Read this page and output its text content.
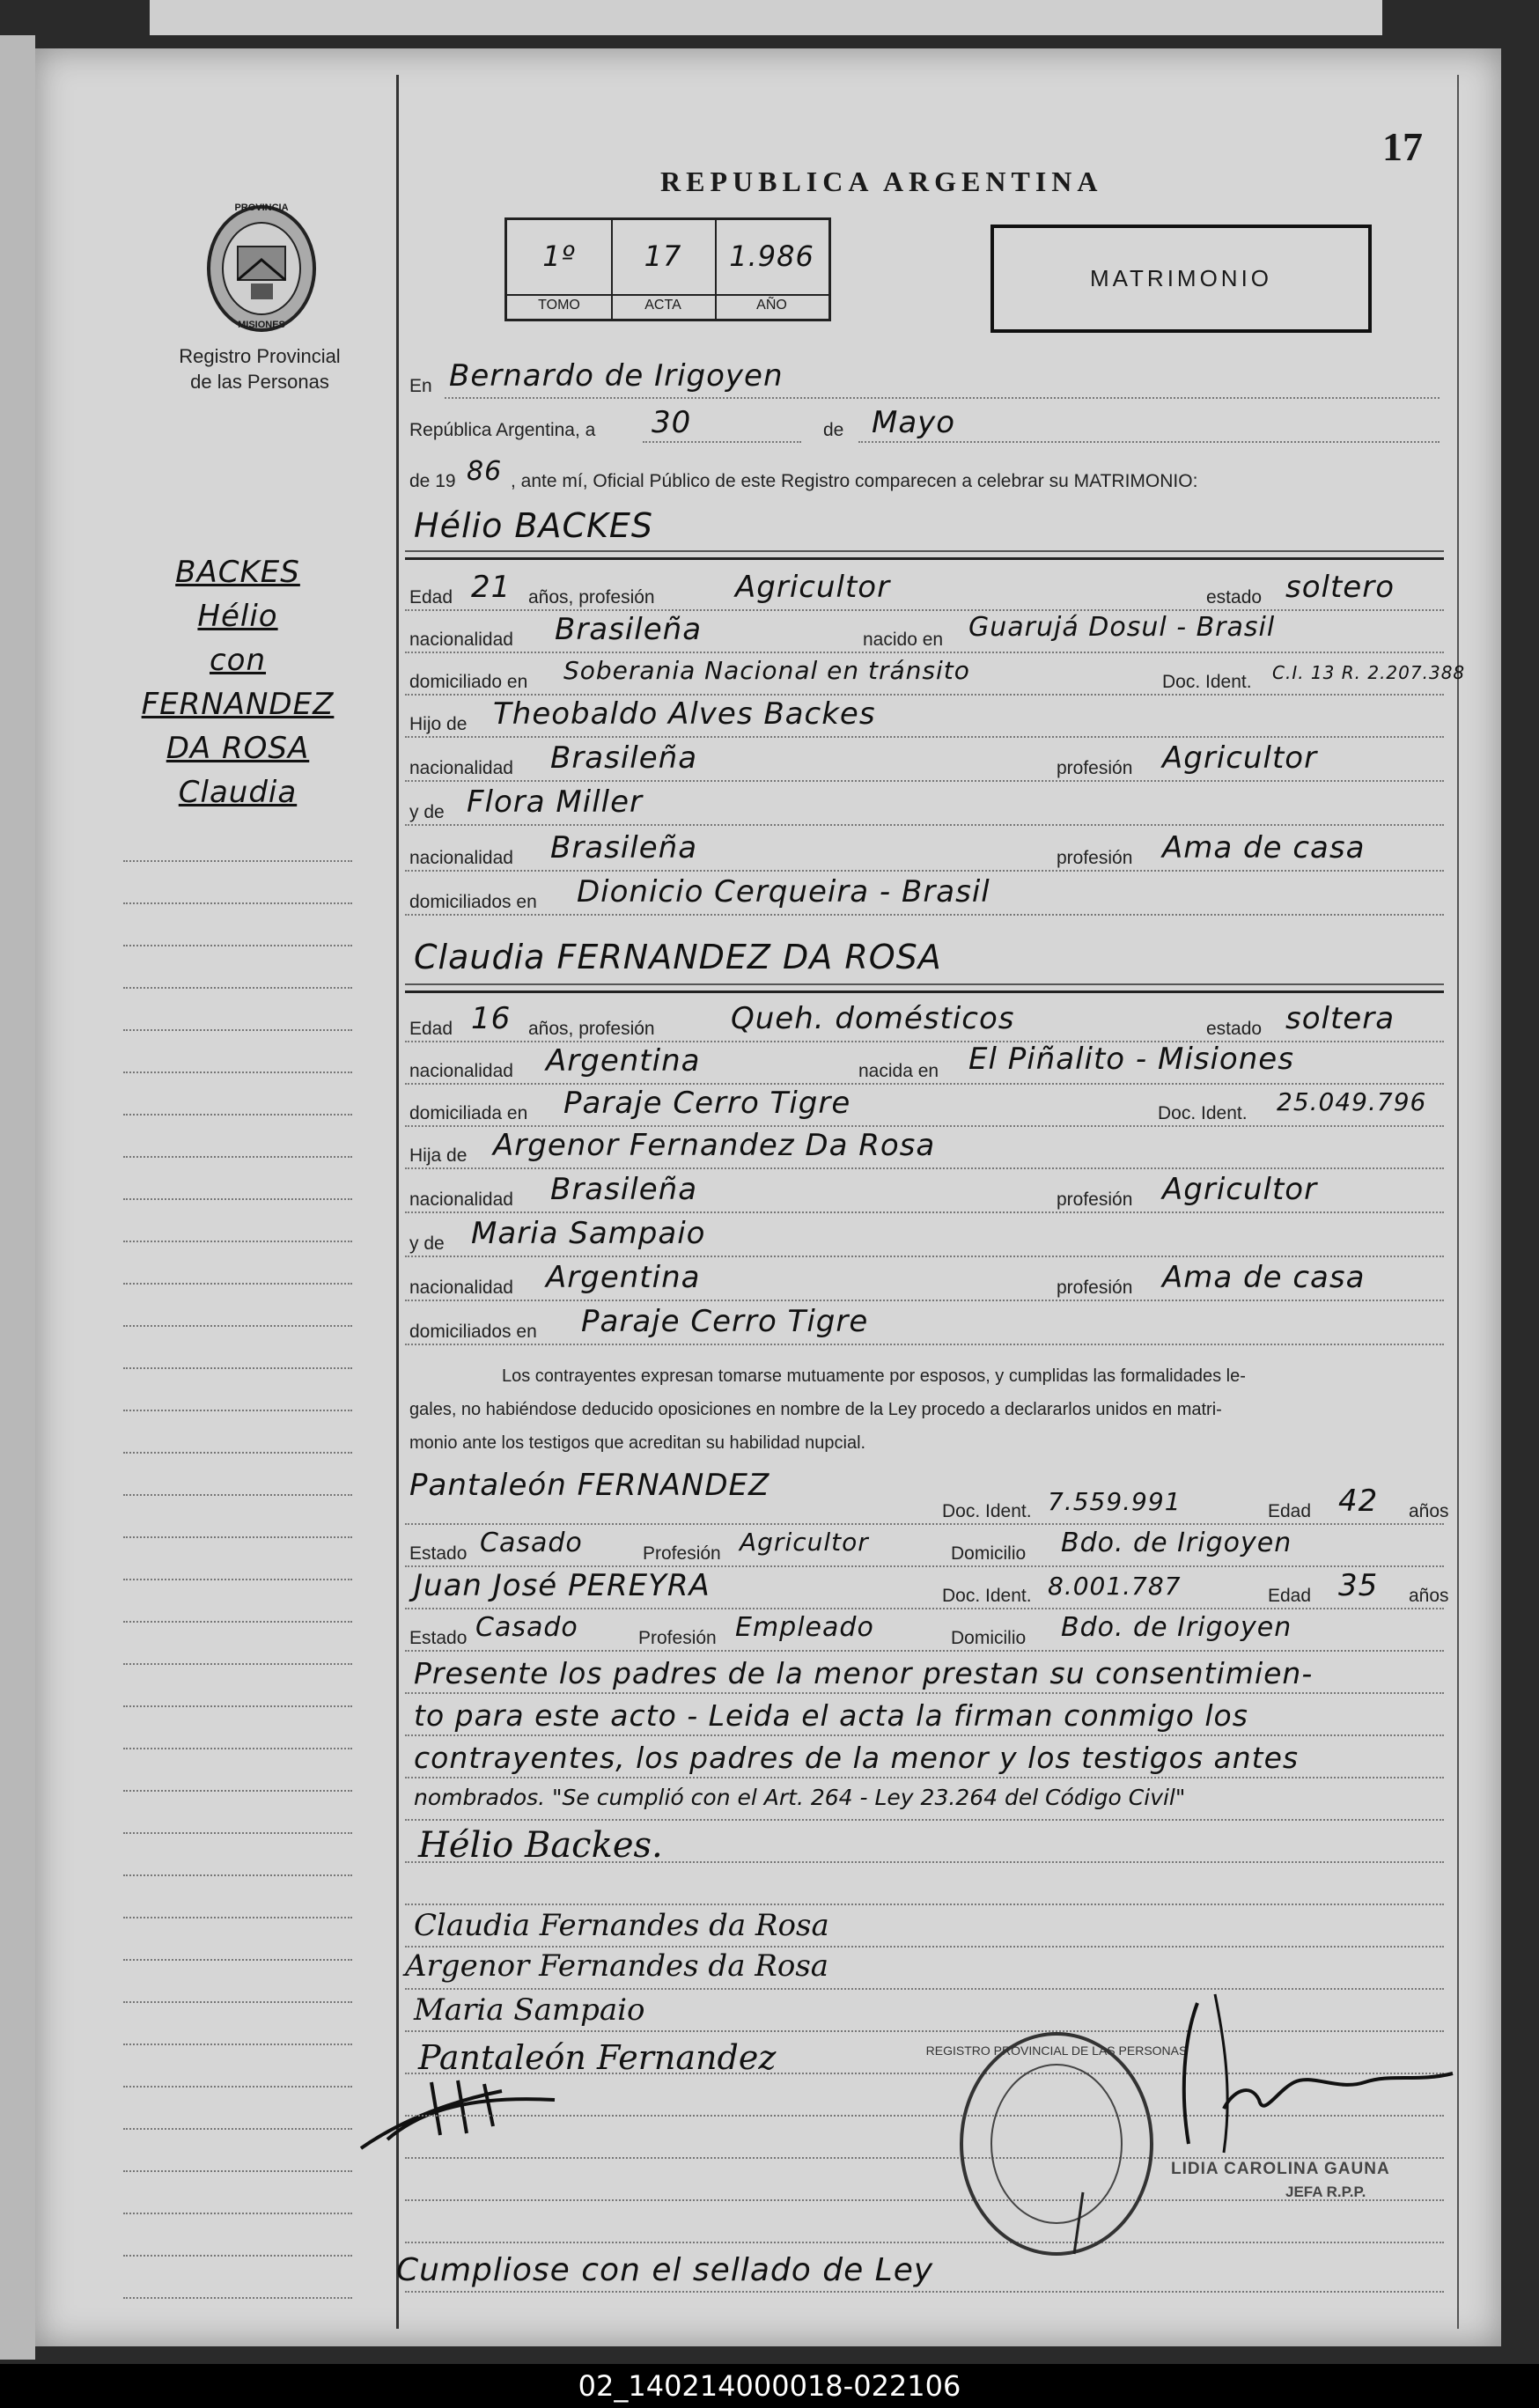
17
PROVINCIA
MISIONES
Registro Provincial
de las Personas
REPUBLICA ARGENTINA
1º
TOMO
17
ACTA
1.986
AÑO
MATRIMONIO
BACKES
Hélio
con
FERNANDEZ
DA ROSA
Claudia
En Bernardo de Irigoyen
República Argentina, a 30	de Mayo
de 19 86 , ante mí, Oficial Público de este Registro comparecen a celebrar su MATRIMONIO:
Hélio BACKES
Edad 21 años, profesión	Agricultor	estado soltero
nacionalidad Brasileña	nacido en Guarujá Dosul - Brasil
domiciliado en Soberania Nacional en tránsito	Doc. Ident. C.I. 13 R. 2.207.388
Hijo de Theobaldo Alves Backes
nacionalidad Brasileña	profesión Agricultor
y de Flora Miller
nacionalidad Brasileña	profesión Ama de casa
domiciliados en Dionicio Cerqueira - Brasil
Claudia FERNANDEZ DA ROSA
Edad 16 años, profesión	Queh. domésticos	estado soltera
nacionalidad Argentina	nacida en El Piñalito - Misiones
domiciliada en Paraje Cerro Tigre	Doc. Ident. 25.049.796
Hija de Argenor Fernandez Da Rosa
nacionalidad Brasileña	profesión Agricultor
y de Maria Sampaio
nacionalidad Argentina	profesión Ama de casa
domiciliados en Paraje Cerro Tigre
Los contrayentes expresan tomarse mutuamente por esposos, y cumplidas las formalidades le-
gales, no habiéndose deducido oposiciones en nombre de la Ley procedo a declararlos unidos en matri-
monio ante los testigos que acreditan su habilidad nupcial.
Pantaleón FERNANDEZ
Doc. Ident. 7.559.991	Edad 42 años
Estado Casado	Profesión Agricultor	Domicilio Bdo. de Irigoyen
Juan José PEREYRA	Doc. Ident. 8.001.787	Edad 35 años
Estado Casado	Profesión Empleado	Domicilio Bdo. de Irigoyen
Presente los padres de la menor prestan su consentimien-
to para este acto - Leida el acta la firman conmigo los
contrayentes, los padres de la menor y los testigos antes
nombrados. "Se cumplió con el Art. 264 - Ley 23.264 del Código Civil"
Hélio Backes.
Claudia Fernandes da Rosa
Argenor Fernandes da Rosa
Maria Sampaio
Pantaleón Fernandez	REGISTRO PROVINCIAL DE LAS PERSONAS
LIDIA CAROLINA GAUNA
JEFA R.P.P.
Cumpliose con el sellado de Ley
02_140214000018-022106
